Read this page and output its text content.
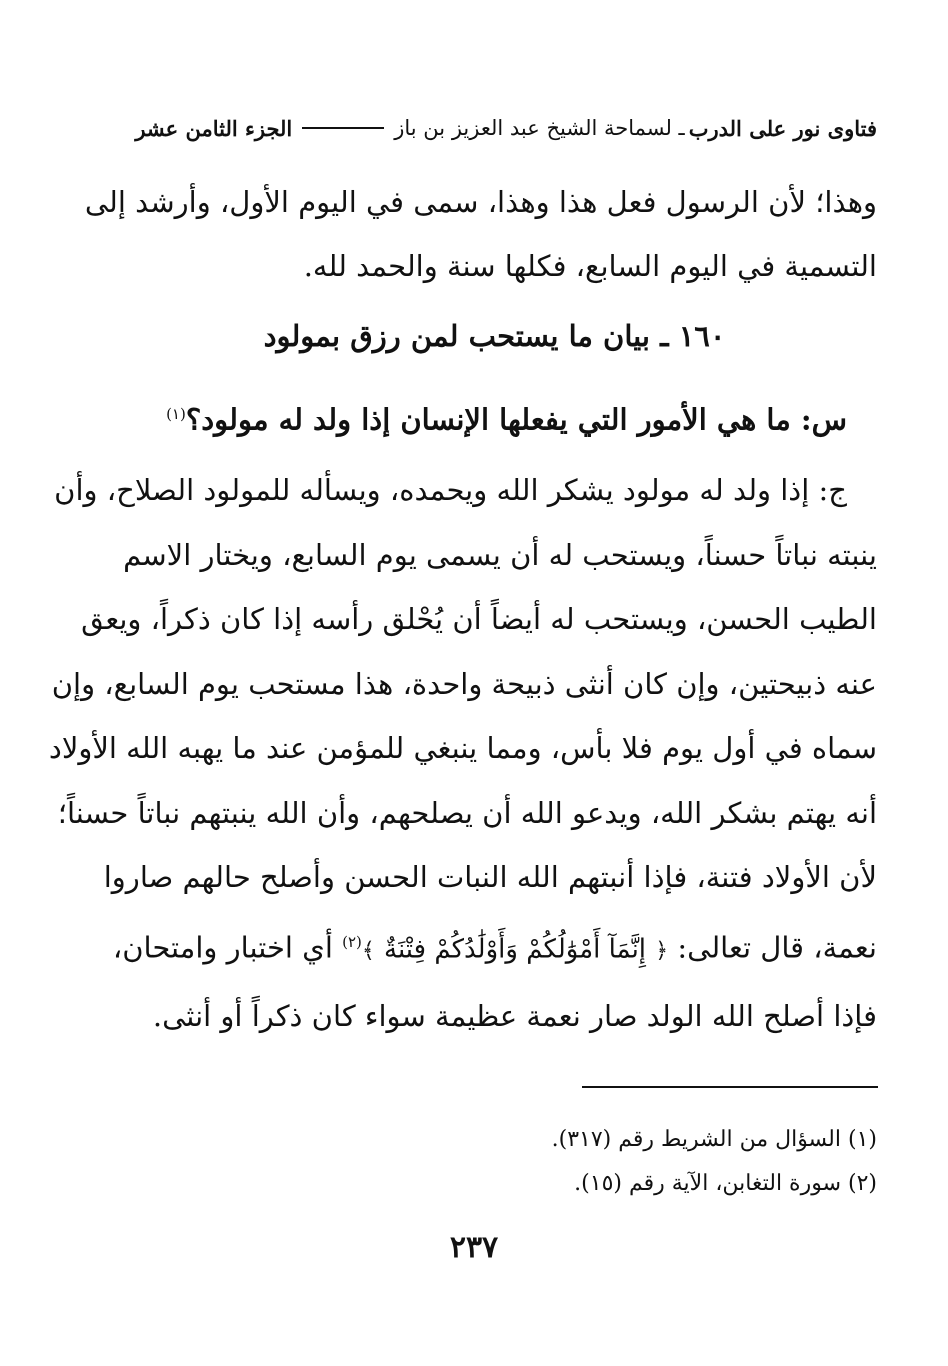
فتاوى نور على الدرب
ـ لسماحة الشيخ عبد العزيز بن باز
الجزء الثامن عشر
وهذا؛ لأن الرسول فعل هذا وهذا، سمى في اليوم الأول، وأرشد إلى
التسمية في اليوم السابع، فكلها سنة والحمد لله.
١٦٠ ـ بيان ما يستحب لمن رزق بمولود
س: ما هي الأمور التي يفعلها الإنسان إذا ولد له مولود؟$^{(١)}$
ج: إذا ولد له مولود يشكر الله ويحمده، ويسأله للمولود الصلاح، وأن
ينبته نباتاً حسناً، ويستحب له أن يسمى يوم السابع، ويختار الاسم
الطيب الحسن، ويستحب له أيضاً أن يُحْلق رأسه إذا كان ذكراً، ويعق
عنه ذبيحتين، وإن كان أنثى ذبيحة واحدة، هذا مستحب يوم السابع، وإن
سماه في أول يوم فلا بأس، ومما ينبغي للمؤمن عند ما يهبه الله الأولاد
أنه يهتم بشكر الله، ويدعو الله أن يصلحهم، وأن الله ينبتهم نباتاً حسناً؛
لأن الأولاد فتنة، فإذا أنبتهم الله النبات الحسن وأصلح حالهم صاروا
نعمة، قال تعالى: ﴿ إِنَّمَآ أَمْوَٰلُكُمْ وَأَوْلَٰدُكُمْ فِتْنَةٌ ﴾$^{(٢)}$ أي اختبار وامتحان،
فإذا أصلح الله الولد صار نعمة عظيمة سواء كان ذكراً أو أنثى.
(١) السؤال من الشريط رقم (٣١٧).
(٢) سورة التغابن، الآية رقم (١٥).
٢٣٧
